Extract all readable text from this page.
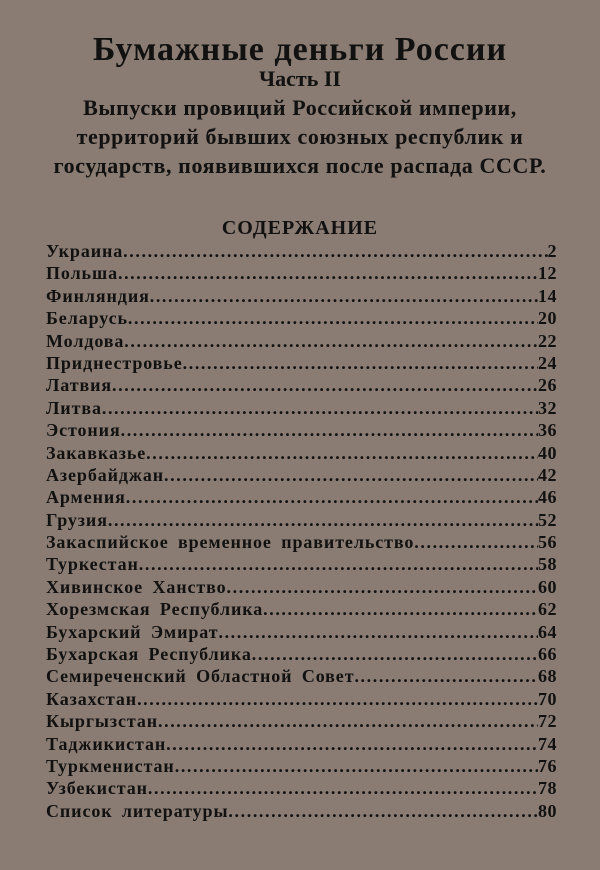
Бумажные деньги России
Часть II

Выпуски провиций Российской империи, территорий бывших союзных республик и государств, появившихся после распада СССР.

СОДЕРЖАНИЕ
Украина .....	2
Польша .....	12
Финляндия .....	14
Беларусь .....	20
Молдова .....	22
Приднестровье .....	24
Латвия .....	26
Литва .....	32
Эстония .....	36
Закавказье .....	40
Азербайджан .....	42
Армения .....	46
Грузия .....	52
Закаспийское временное правительство .....	56
Туркестан .....	58
Хивинское Ханство .....	60
Хорезмская Республика .....	62
Бухарский Эмират .....	64
Бухарская Республика .....	66
Семиреченский Областной Совет .....	68
Казахстан .....	70
Кыргызстан .....	72
Таджикистан .....	74
Туркменистан .....	76
Узбекистан .....	78
Список литературы .....	80
